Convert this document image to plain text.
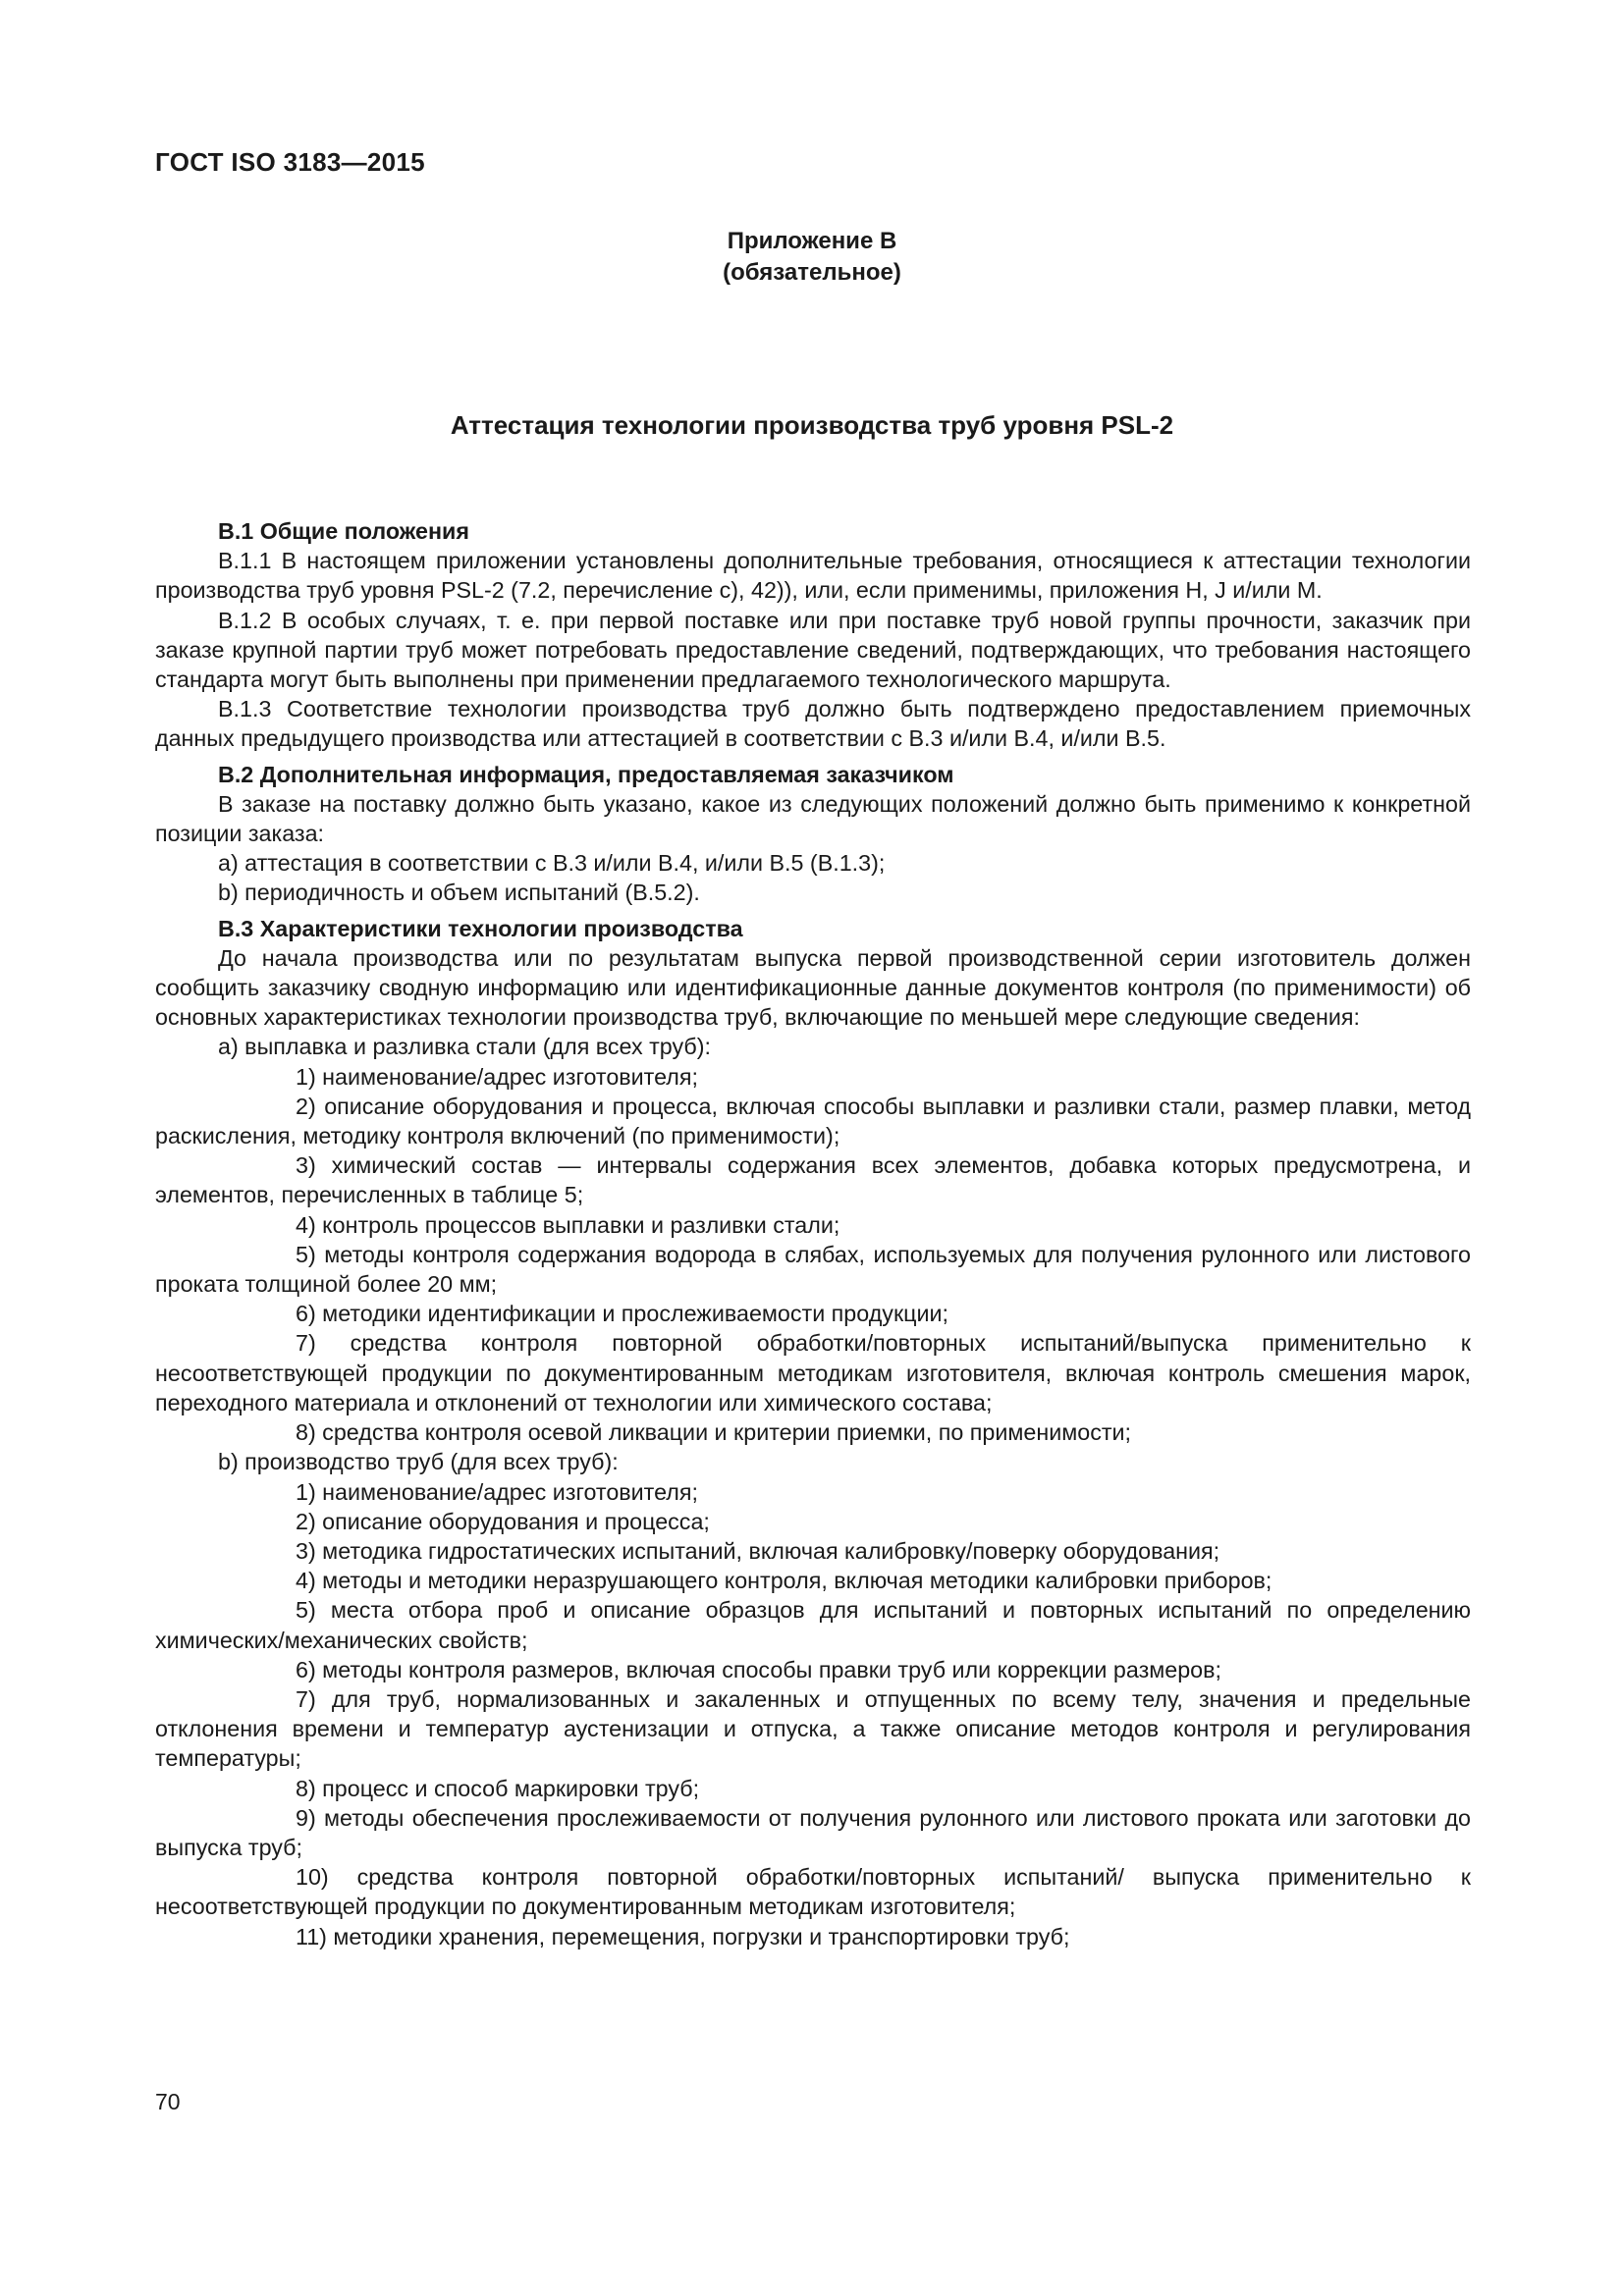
ГОСТ ISO 3183—2015
Приложение В
(обязательное)
Аттестация технологии производства труб уровня PSL-2
В.1 Общие положения

В.1.1 В настоящем приложении установлены дополнительные требования, относящиеся к аттестации технологии производства труб уровня PSL-2 (7.2, перечисление с), 42)), или, если применимы, приложения Н, J и/или М.

В.1.2 В особых случаях, т. е. при первой поставке или при поставке труб новой группы прочности, заказчик при заказе крупной партии труб может потребовать предоставление сведений, подтверждающих, что требования настоящего стандарта могут быть выполнены при применении предлагаемого технологического маршрута.

В.1.3 Соответствие технологии производства труб должно быть подтверждено предоставлением приемочных данных предыдущего производства или аттестацией в соответствии с В.3 и/или В.4, и/или В.5.

В.2 Дополнительная информация, предоставляемая заказчиком

В заказе на поставку должно быть указано, какое из следующих положений должно быть применимо к конкретной позиции заказа:

a) аттестация в соответствии с В.3 и/или В.4, и/или В.5 (В.1.3);

b) периодичность и объем испытаний (В.5.2).

В.3 Характеристики технологии производства

До начала производства или по результатам выпуска первой производственной серии изготовитель должен сообщить заказчику сводную информацию или идентификационные данные документов контроля (по применимости) об основных характеристиках технологии производства труб, включающие по меньшей мере следующие сведения:

a) выплавка и разливка стали (для всех труб):

1) наименование/адрес изготовителя;

2) описание оборудования и процесса, включая способы выплавки и разливки стали, размер плавки, метод раскисления, методику контроля включений (по применимости);

3) химический состав — интервалы содержания всех элементов, добавка которых предусмотрена, и элементов, перечисленных в таблице 5;

4) контроль процессов выплавки и разливки стали;

5) методы контроля содержания водорода в слябах, используемых для получения рулонного или листового проката толщиной более 20 мм;

6) методики идентификации и прослеживаемости продукции;

7) средства контроля повторной обработки/повторных испытаний/выпуска применительно к несоответствующей продукции по документированным методикам изготовителя, включая контроль смешения марок, переходного материала и отклонений от технологии или химического состава;

8) средства контроля осевой ликвации и критерии приемки, по применимости;

b) производство труб (для всех труб):

1) наименование/адрес изготовителя;

2) описание оборудования и процесса;

3) методика гидростатических испытаний, включая калибровку/поверку оборудования;

4) методы и методики неразрушающего контроля, включая методики калибровки приборов;

5) места отбора проб и описание образцов для испытаний и повторных испытаний по определению химических/механических свойств;

6) методы контроля размеров, включая способы правки труб или коррекции размеров;

7) для труб, нормализованных и закаленных и отпущенных по всему телу, значения и предельные отклонения времени и температур аустенизации и отпуска, а также описание методов контроля и регулирования температуры;

8) процесс и способ маркировки труб;

9) методы обеспечения прослеживаемости от получения рулонного или листового проката или заготовки до выпуска труб;

10) средства контроля повторной обработки/повторных испытаний/ выпуска применительно к несоответствующей продукции по документированным методикам изготовителя;

11) методики хранения, перемещения, погрузки и транспортировки труб;

70
